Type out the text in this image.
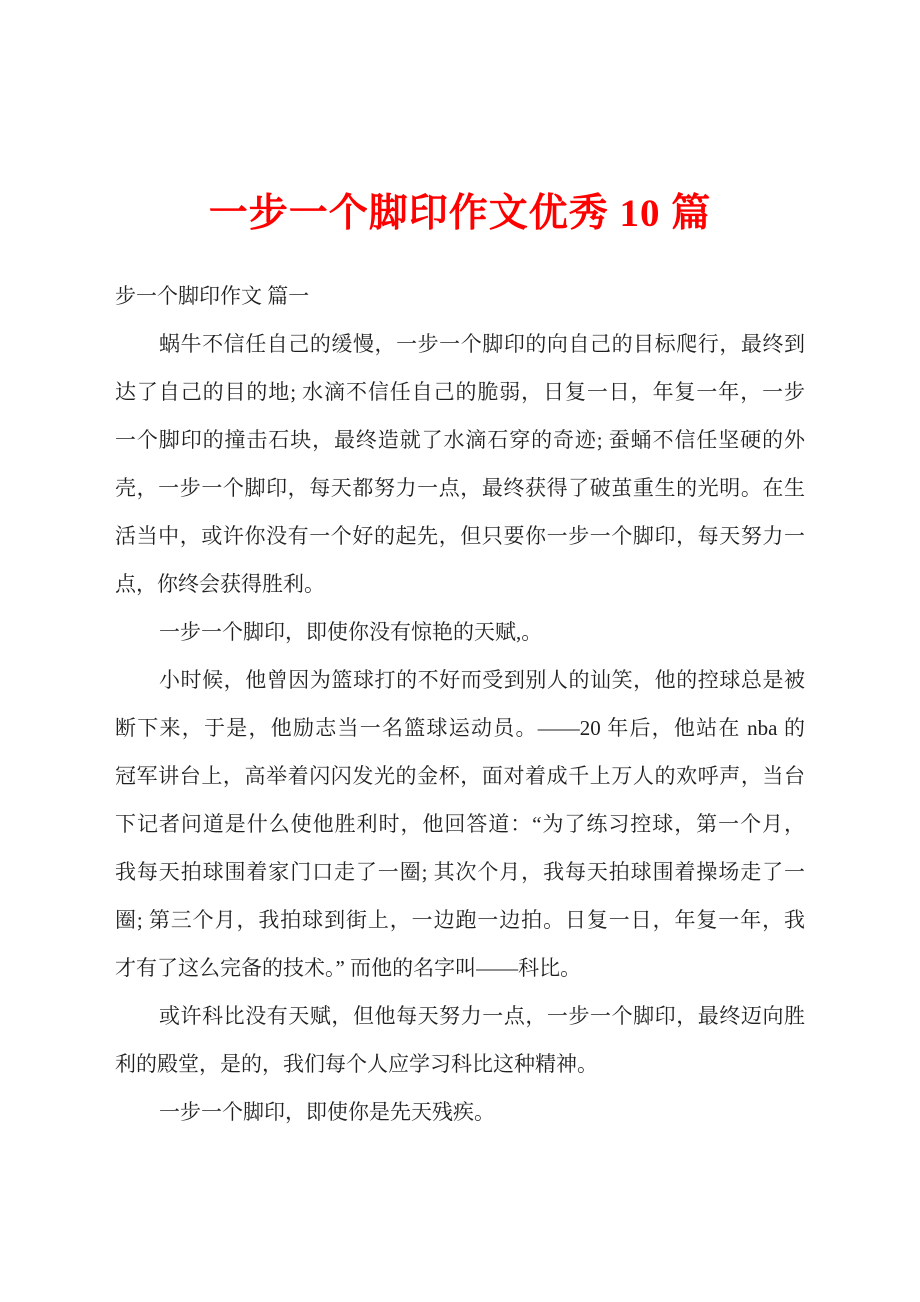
一步一个脚印作文优秀 10 篇
步一个脚印作文 篇一
蜗牛不信任自己的缓慢，一步一个脚印的向自己的目标爬行，最终到
达了自己的目的地; 水滴不信任自己的脆弱，日复一日，年复一年，一步
一个脚印的撞击石块，最终造就了水滴石穿的奇迹; 蚕蛹不信任坚硬的外
壳，一步一个脚印，每天都努力一点，最终获得了破茧重生的光明。在生
活当中，或许你没有一个好的起先，但只要你一步一个脚印，每天努力一
点，你终会获得胜利。
一步一个脚印，即使你没有惊艳的天赋,。
小时候，他曾因为篮球打的不好而受到别人的讪笑，他的控球总是被
断下来，于是，他励志当一名篮球运动员。——20 年后，他站在 nba 的
冠军讲台上，高举着闪闪发光的金杯，面对着成千上万人的欢呼声，当台
下记者问道是什么使他胜利时，他回答道：“为了练习控球，第一个月，
我每天拍球围着家门口走了一圈; 其次个月，我每天拍球围着操场走了一
圈; 第三个月，我拍球到街上，一边跑一边拍。日复一日，年复一年，我
才有了这么完备的技术。” 而他的名字叫——科比。
或许科比没有天赋，但他每天努力一点，一步一个脚印，最终迈向胜
利的殿堂，是的，我们每个人应学习科比这种精神。
一步一个脚印，即使你是先天残疾。
